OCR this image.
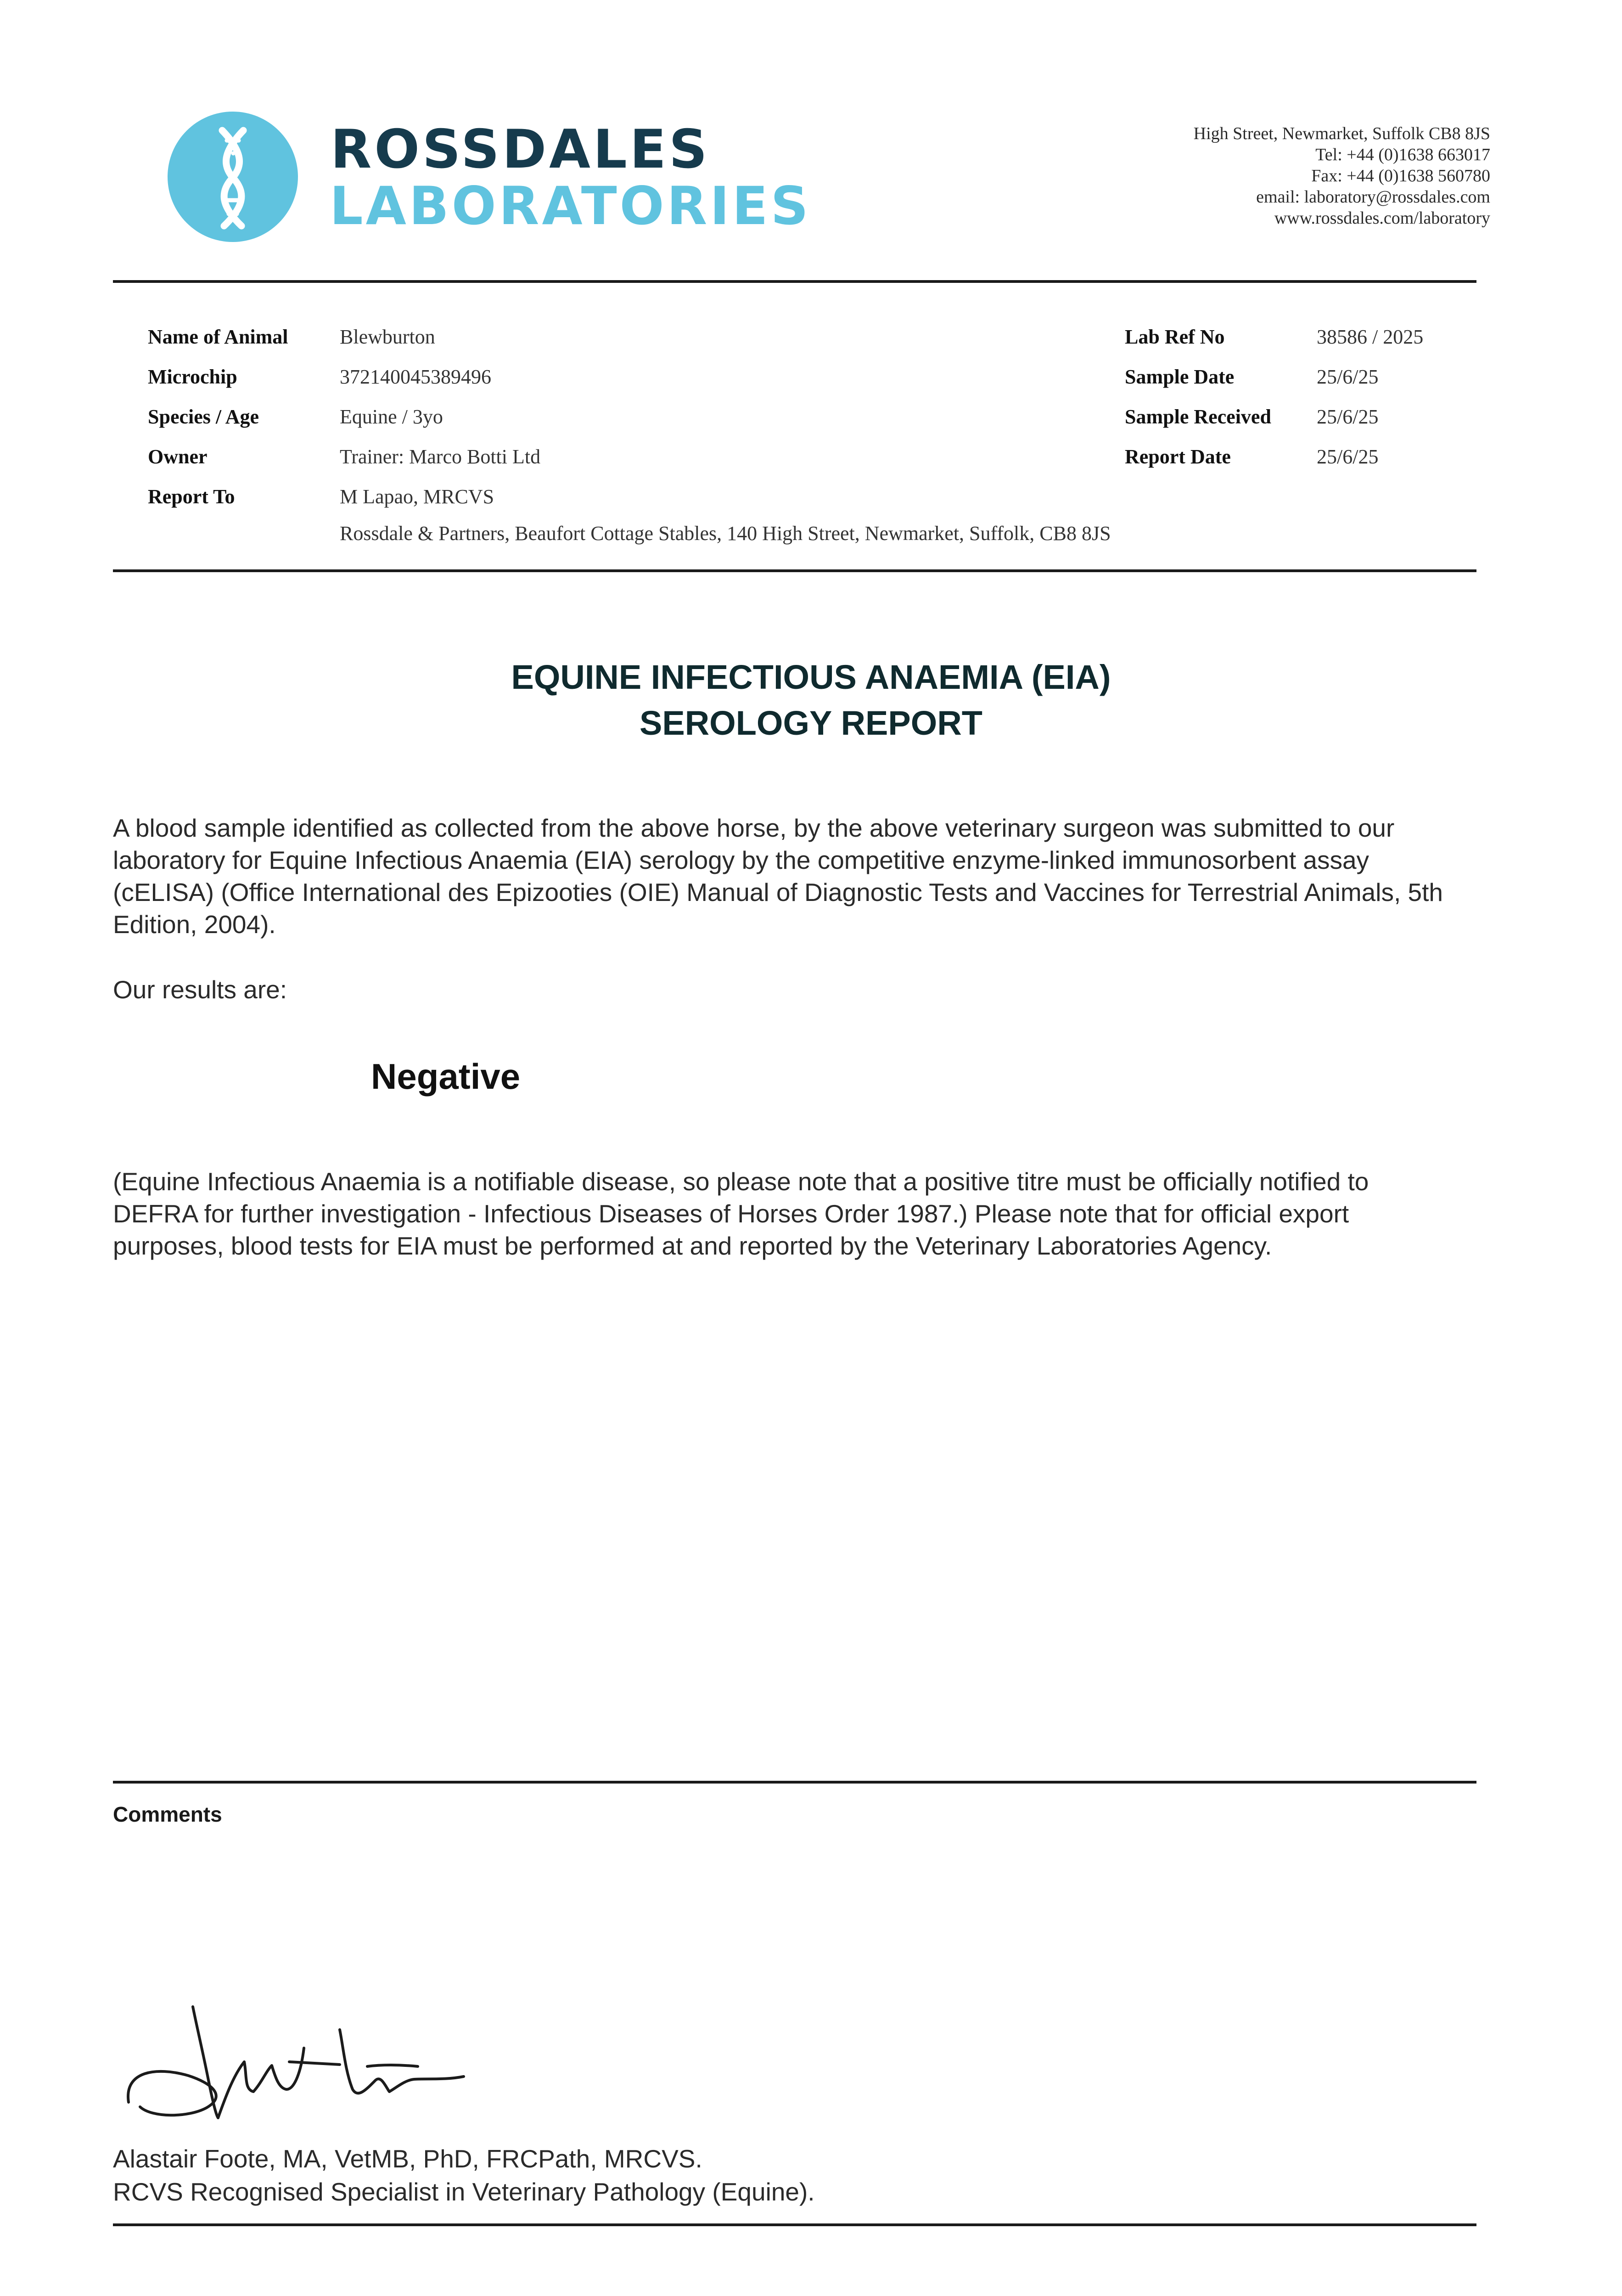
ROSSDALES
LABORATORIES
High Street, Newmarket, Suffolk CB8 8JS
Tel: +44 (0)1638 663017
Fax: +44 (0)1638 560780
email: laboratory@rossdales.com
www.rossdales.com/laboratory
Name of Animal	Blewburton
Microchip	372140045389496
Species / Age	Equine / 3yo
Owner	Trainer: Marco Botti Ltd
Report To	M Lapao, MRCVS
Rossdale & Partners, Beaufort Cottage Stables, 140 High Street, Newmarket, Suffolk, CB8 8JS
Lab Ref No	38586 / 2025
Sample Date	25/6/25
Sample Received 25/6/25
Report Date	25/6/25
EQUINE INFECTIOUS ANAEMIA (EIA)
SEROLOGY REPORT
A blood sample identified as collected from the above horse, by the above veterinary surgeon was submitted to our
laboratory for Equine Infectious Anaemia (EIA) serology by the competitive enzyme-linked immunosorbent assay
(cELISA) (Office International des Epizooties (OIE) Manual of Diagnostic Tests and Vaccines for Terrestrial Animals, 5th
Edition, 2004).
Our results are:
Negative
(Equine Infectious Anaemia is a notifiable disease, so please note that a positive titre must be officially notified to
DEFRA for further investigation - Infectious Diseases of Horses Order 1987.) Please note that for official export
purposes, blood tests for EIA must be performed at and reported by the Veterinary Laboratories Agency.
Comments
Alastair Foote, MA, VetMB, PhD, FRCPath, MRCVS.
RCVS Recognised Specialist in Veterinary Pathology (Equine).
